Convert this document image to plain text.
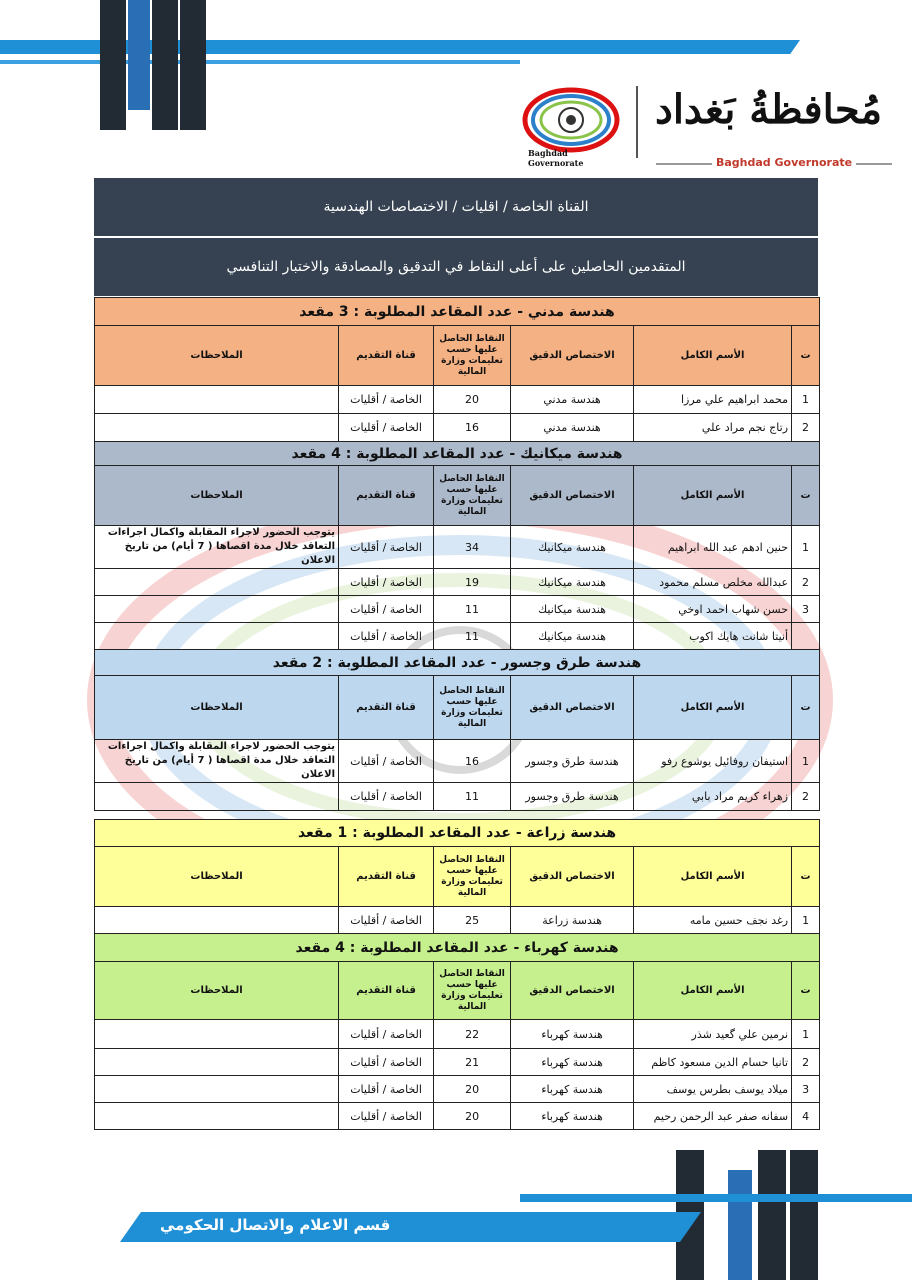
Baghdad Governorate
مُحافظةُ بَغداد
Baghdad Governorate
القناة الخاصة / اقليات / الاختصاصات الهندسية
المتقدمين الحاصلين على أعلى النقاط في التدقيق والمصادقة والاختبار التنافسي
هندسة مدني - عدد المقاعد المطلوبة : 3 مقعد					
ت	الأسم الكامل	الاختصاص الدقيق	النقاط الحاصل عليها حسب تعليمات وزارة المالية	قناة التقديم	الملاحظات
1	محمد ابراهيم علي مرزا	هندسة مدني	20	الخاصة / أقليات	
2	رتاج نجم مراد علي	هندسة مدني	16	الخاصة / أقليات	
هندسة ميكانيك - عدد المقاعد المطلوبة : 4 مقعد					
ت	الأسم الكامل	الاختصاص الدقيق	النقاط الحاصل عليها حسب تعليمات وزارة المالية	قناة التقديم	الملاحظات
1	حنين ادهم عبد الله ابراهيم	هندسة ميكانيك	34	الخاصة / أقليات	يتوجب الحضور لاجراء المقابلة واكمال اجراءات التعاقد خلال مدة اقصاها ( 7 أيام) من تاريخ الاعلان
2	عبدالله مخلص مسلم محمود	هندسة ميكانيك	19	الخاصة / أقليات	
3	حسن شهاب احمد اوخي	هندسة ميكانيك	11	الخاصة / أقليات	
	أنيتا شانت هايك اكوب	هندسة ميكانيك	11	الخاصة / أقليات	
هندسة طرق وجسور - عدد المقاعد المطلوبة : 2 مقعد					
ت	الأسم الكامل	الاختصاص الدقيق	النقاط الحاصل عليها حسب تعليمات وزارة المالية	قناة التقديم	الملاحظات
1	استيفان روفائيل يوشوع رفو	هندسة طرق وجسور	16	الخاصة / أقليات	يتوجب الحضور لاجراء المقابلة واكمال اجراءات التعاقد خلال مدة اقصاها ( 7 أيام) من تاريخ الاعلان
2	زهراء كريم مراد بابي	هندسة طرق وجسور	11	الخاصة / أقليات	
هندسة زراعة - عدد المقاعد المطلوبة : 1 مقعد					
ت	الأسم الكامل	الاختصاص الدقيق	النقاط الحاصل عليها حسب تعليمات وزارة المالية	قناة التقديم	الملاحظات
1	رغد نجف حسين مامه	هندسة زراعة	25	الخاصة / أقليات	
هندسة كهرباء - عدد المقاعد المطلوبة : 4 مقعد					
ت	الأسم الكامل	الاختصاص الدقيق	النقاط الحاصل عليها حسب تعليمات وزارة المالية	قناة التقديم	الملاحظات
1	نرمين علي گعيد شذر	هندسة كهرباء	22	الخاصة / أقليات	
2	تانيا حسام الدين مسعود كاظم	هندسة كهرباء	21	الخاصة / أقليات	
3	ميلاد يوسف بطرس يوسف	هندسة كهرباء	20	الخاصة / أقليات	
4	سفانه صفر عبد الرحمن رحيم	هندسة كهرباء	20	الخاصة / أقليات	
قسم الاعلام والاتصال الحكومي
